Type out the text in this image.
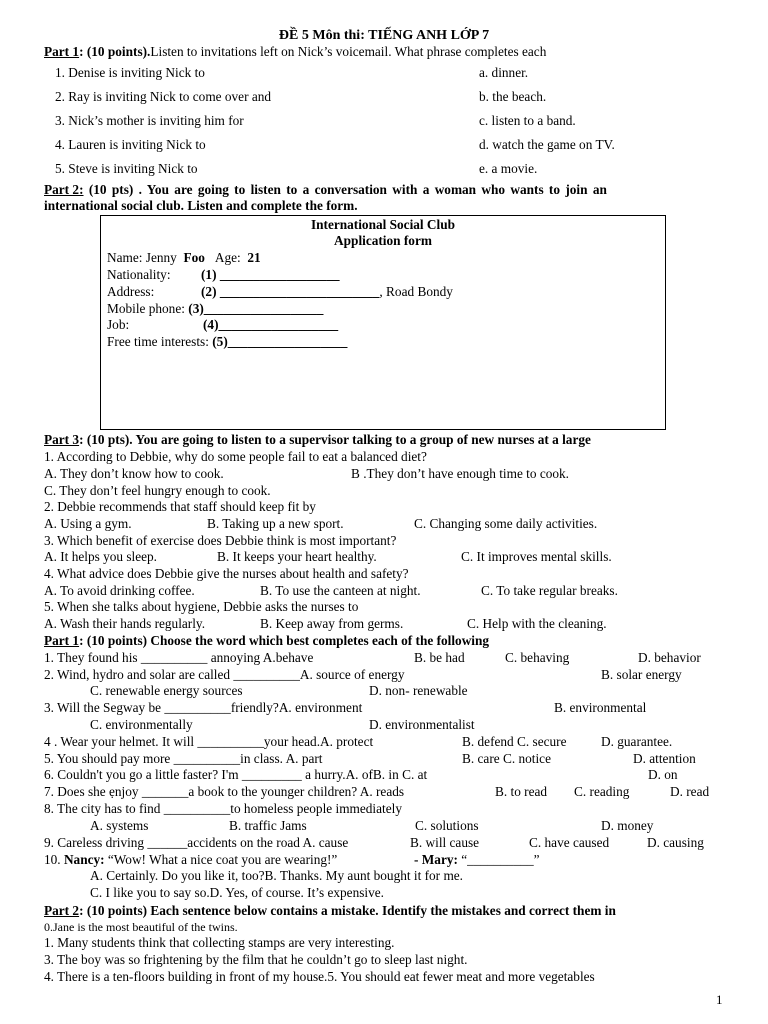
ĐỀ 5 Môn thi: TIẾNG ANH LỚP 7
Part 1: (10 points).Listen to invitations left on Nick’s voicemail. What phrase completes each
1. Denise is inviting Nick to	a. dinner.
2. Ray is inviting Nick to come over and	b. the beach.
3. Nick’s mother is inviting him for	c. listen to a band.
4. Lauren is inviting Nick to	d. watch the game on TV.
5. Steve is inviting Nick to	e. a movie.
Part 2: (10 pts) . You are going to listen to a conversation with a woman who wants to join an
international social club. Listen and complete the form.
International Social Club
Application form
Name: Jenny Foo Age: 21
Nationality: (1) __________________
Address:	(2) ________________________, Road Bondy
Mobile phone: (3)__________________
Job:	(4)__________________
Free time interests: (5)__________________
Part 3: (10 pts). You are going to listen to a supervisor talking to a group of new nurses at a large
1. According to Debbie, why do some people fail to eat a balanced diet?
A. They don’t know how to cook.	B .They don’t have enough time to cook.
C. They don’t feel hungry enough to cook.
2. Debbie recommends that staff should keep fit by
A. Using a gym.	B. Taking up a new sport.	C. Changing some daily activities.
3. Which benefit of exercise does Debbie think is most important?
A. It helps you sleep.	B. It keeps your heart healthy.	C. It improves mental skills.
4. What advice does Debbie give the nurses about health and safety?
A. To avoid drinking coffee.	B. To use the canteen at night.	C. To take regular breaks.
5. When she talks about hygiene, Debbie asks the nurses to
A. Wash their hands regularly.	B. Keep away from germs.	C. Help with the cleaning.
Part 1: (10 points) Choose the word which best completes each of the following
1. They found his __________ annoying A.behave	B. be had	C. behaving	D. behavior
2. Wind, hydro and solar are called __________A. source of energy	B. solar energy
C. renewable energy sources	D. non- renewable
3. Will the Segway be __________friendly?A. environment	B. environmental
C. environmentally	D. environmentalist
4 . Wear your helmet. It will __________your head.A. protect	B. defend C. secure	D. guarantee.
5. You should pay more __________in class. A. part	B. care C. notice	D. attention
6. Couldn't you go a little faster? I'm _________ a hurry.A. ofB. in C. at	D. on
7. Does she ẹnjoy _______a book to the younger children? A. reads	B. to read C. reading	D. read
8. The city has to find __________to homeless people immediately
A. systems	B. traffic Jams	C. solutions	D. money
9. Careless driving ______accidents on the road A. cause	B. will cause	C. have caused	D. causing
10. Nancy: “Wow! What a nice coat you are wearing!”	- Mary: “__________”
A. Certainly. Do you like it, too?B. Thanks. My aunt bought it for me.
C. I like you to say so.D. Yes, of course. It’s expensive.
Part 2: (10 points) Each sentence below contains a mistake. Identify the mistakes and correct them in
0.Jane is the most beautiful of the twins.
1. Many students think that collecting stamps are very interesting.
3. The boy was so frightening by the film that he couldn’t go to sleep last night.
4. There is a ten-floors building in front of my house.5. You should eat fewer meat and more vegetables
1
